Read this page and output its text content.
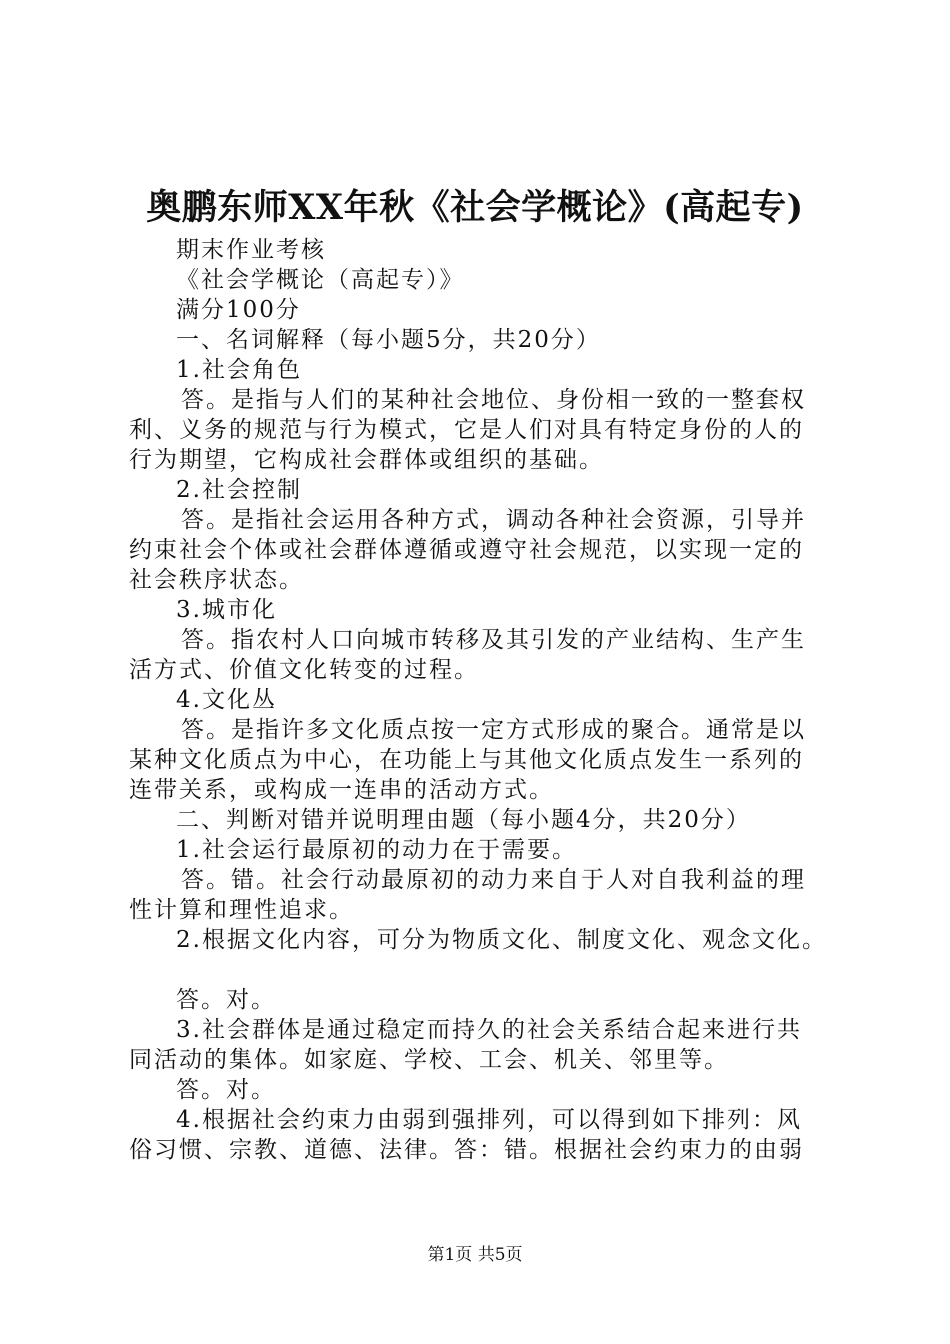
奥鹏东师XX年秋《社会学概论》(高起专)
期末作业考核
《社会学概论（高起专）》
满分100分
一、名词解释（每小题5分，共20分）
1.社会角色
答。是指与人们的某种社会地位、身份相一致的一整套权
利、义务的规范与行为模式，它是人们对具有特定身份的人的
行为期望，它构成社会群体或组织的基础。
2.社会控制
答。是指社会运用各种方式，调动各种社会资源，引导并
约束社会个体或社会群体遵循或遵守社会规范，以实现一定的
社会秩序状态。
3.城市化
答。指农村人口向城市转移及其引发的产业结构、生产生
活方式、价值文化转变的过程。
4.文化丛
答。是指许多文化质点按一定方式形成的聚合。通常是以
某种文化质点为中心，在功能上与其他文化质点发生一系列的
连带关系，或构成一连串的活动方式。
二、判断对错并说明理由题（每小题4分，共20分）
1.社会运行最原初的动力在于需要。
答。错。社会行动最原初的动力来自于人对自我利益的理
性计算和理性追求。
2.根据文化内容，可分为物质文化、制度文化、观念文化。
答。对。
3.社会群体是通过稳定而持久的社会关系结合起来进行共
同活动的集体。如家庭、学校、工会、机关、邻里等。
答。对。
4.根据社会约束力由弱到强排列，可以得到如下排列：风
俗习惯、宗教、道德、法律。答：错。根据社会约束力的由弱
第1页 共5页
